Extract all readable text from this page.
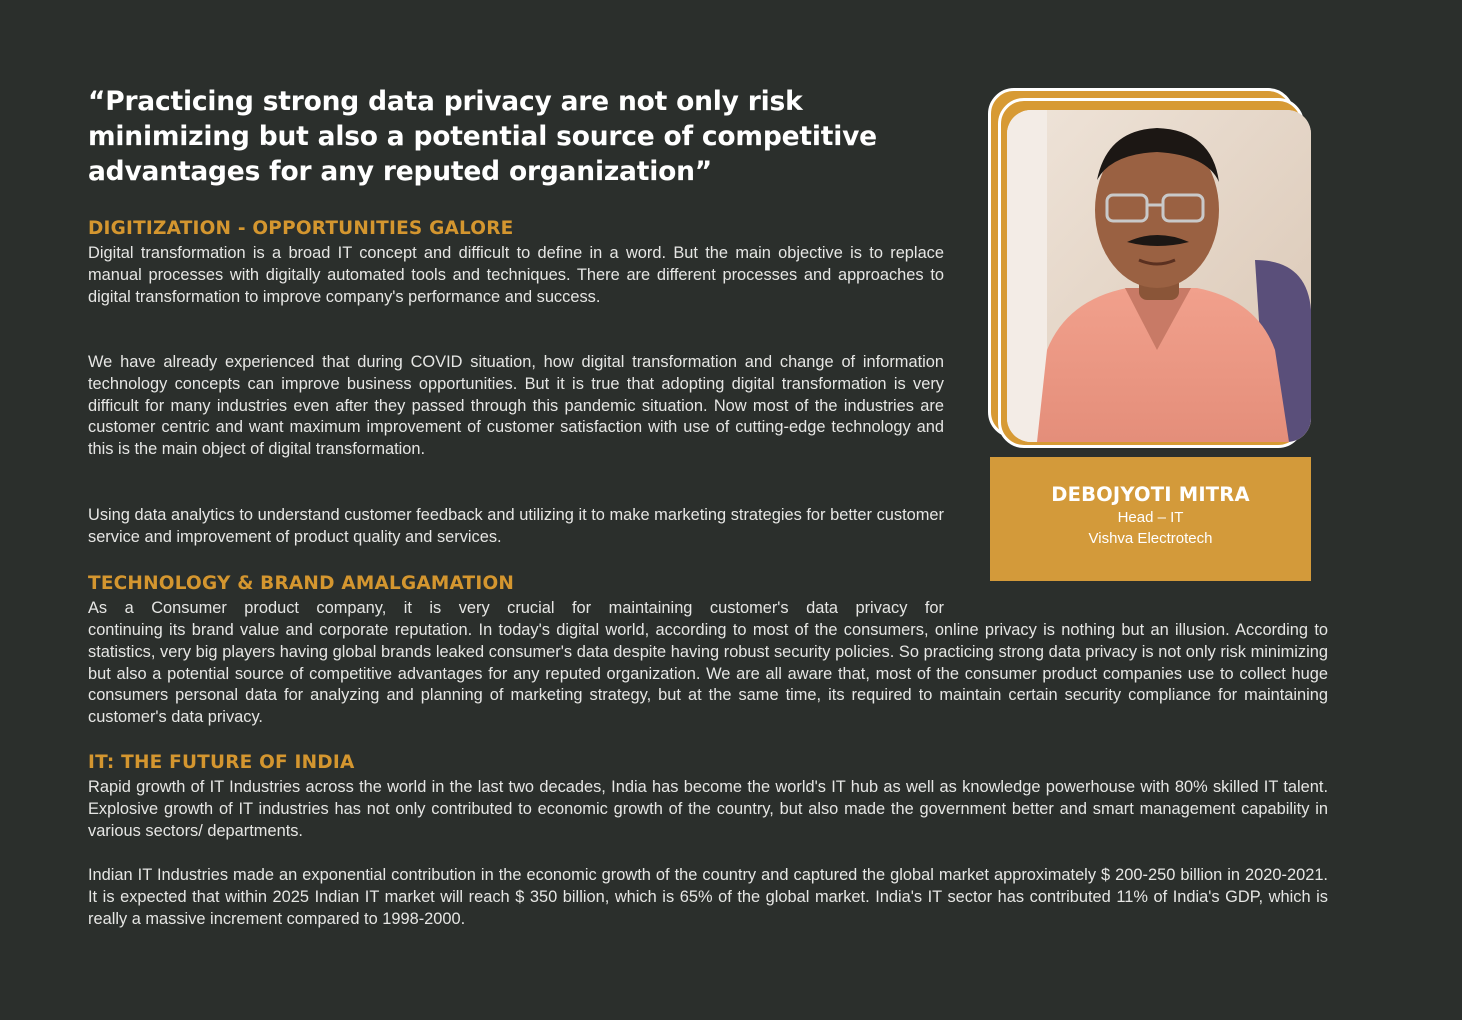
“Practicing strong data privacy are not only risk minimizing but also a potential source of competitive advantages for any reputed organization”

DIGITIZATION - OPPORTUNITIES GALORE

Digital transformation is a broad IT concept and difficult to define in a word. But the main objective is to replace manual processes with digitally automated tools and techniques. There are different processes and approaches to digital transformation to improve company's performance and success.

We have already experienced that during COVID situation, how digital transformation and change of information technology concepts can improve business opportunities. But it is true that adopting digital transformation is very difficult for many industries even after they passed through this pandemic situation. Now most of the industries are customer centric and want maximum improvement of customer satisfaction with use of cutting-edge technology and this is the main object of digital transformation.

Using data analytics to understand customer feedback and utilizing it to make marketing strategies for better customer service and improvement of product quality and services.

TECHNOLOGY & BRAND AMALGAMATION

As a Consumer product company, it is very crucial for maintaining customer's data privacy for

continuing its brand value and corporate reputation. In today's digital world, according to most of the consumers, online privacy is nothing but an illusion. According to statistics, very big players having global brands leaked consumer's data despite having robust security policies. So practicing strong data privacy is not only risk minimizing but also a potential source of competitive advantages for any reputed organization. We are all aware that, most of the consumer product companies use to collect huge consumers personal data for analyzing and planning of marketing strategy, but at the same time, its required to maintain certain security compliance for maintaining customer's data privacy.

IT: THE FUTURE OF INDIA

Rapid growth of IT Industries across the world in the last two decades, India has become the world's IT hub as well as knowledge powerhouse with 80% skilled IT talent. Explosive growth of IT industries has not only contributed to economic growth of the country, but also made the government better and smart management capability in various sectors/ departments.

Indian IT Industries made an exponential contribution in the economic growth of the country and captured the global market approximately $ 200-250 billion in 2020-2021. It is expected that within 2025 Indian IT market will reach $ 350 billion, which is 65% of the global market. India's IT sector has contributed 11% of India's GDP, which is really a massive increment compared to 1998-2000.

DEBOJYOTI MITRA
Head – IT
Vishva Electrotech
